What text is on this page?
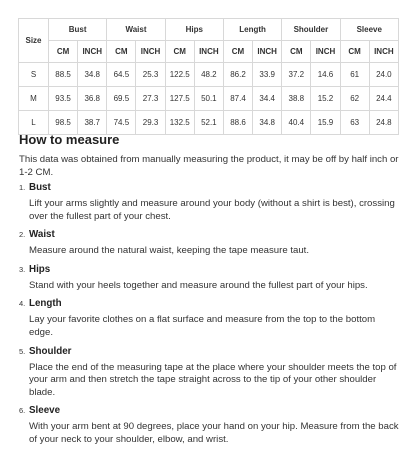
Size	Bust		Waist		Hips		Length		Shoulder		Sleeve	
	CM	INCH	CM	INCH	CM	INCH	CM	INCH	CM	INCH	CM	INCH
S	88.5	34.8	64.5	25.3	122.5	48.2	86.2	33.9	37.2	14.6	61	24.0
M	93.5	36.8	69.5	27.3	127.5	50.1	87.4	34.4	38.8	15.2	62	24.4
L	98.5	38.7	74.5	29.3	132.5	52.1	88.6	34.8	40.4	15.9	63	24.8
How to measure

This data was obtained from manually measuring the product, it may be off by half inch or 1-2 CM.

1. Bust
Lift your arms slightly and measure around your body (without a shirt is best), crossing over the fullest part of your chest.
2. Waist
Measure around the natural waist, keeping the tape measure taut.
3. Hips
Stand with your heels together and measure around the fullest part of your hips.
4. Length
Lay your favorite clothes on a flat surface and measure from the top to the bottom edge.
5. Shoulder
Place the end of the measuring tape at the place where your shoulder meets the top of your arm and then stretch the tape straight across to the tip of your other shoulder blade.
6. Sleeve
With your arm bent at 90 degrees, place your hand on your hip. Measure from the back of your neck to your shoulder, elbow, and wrist.
